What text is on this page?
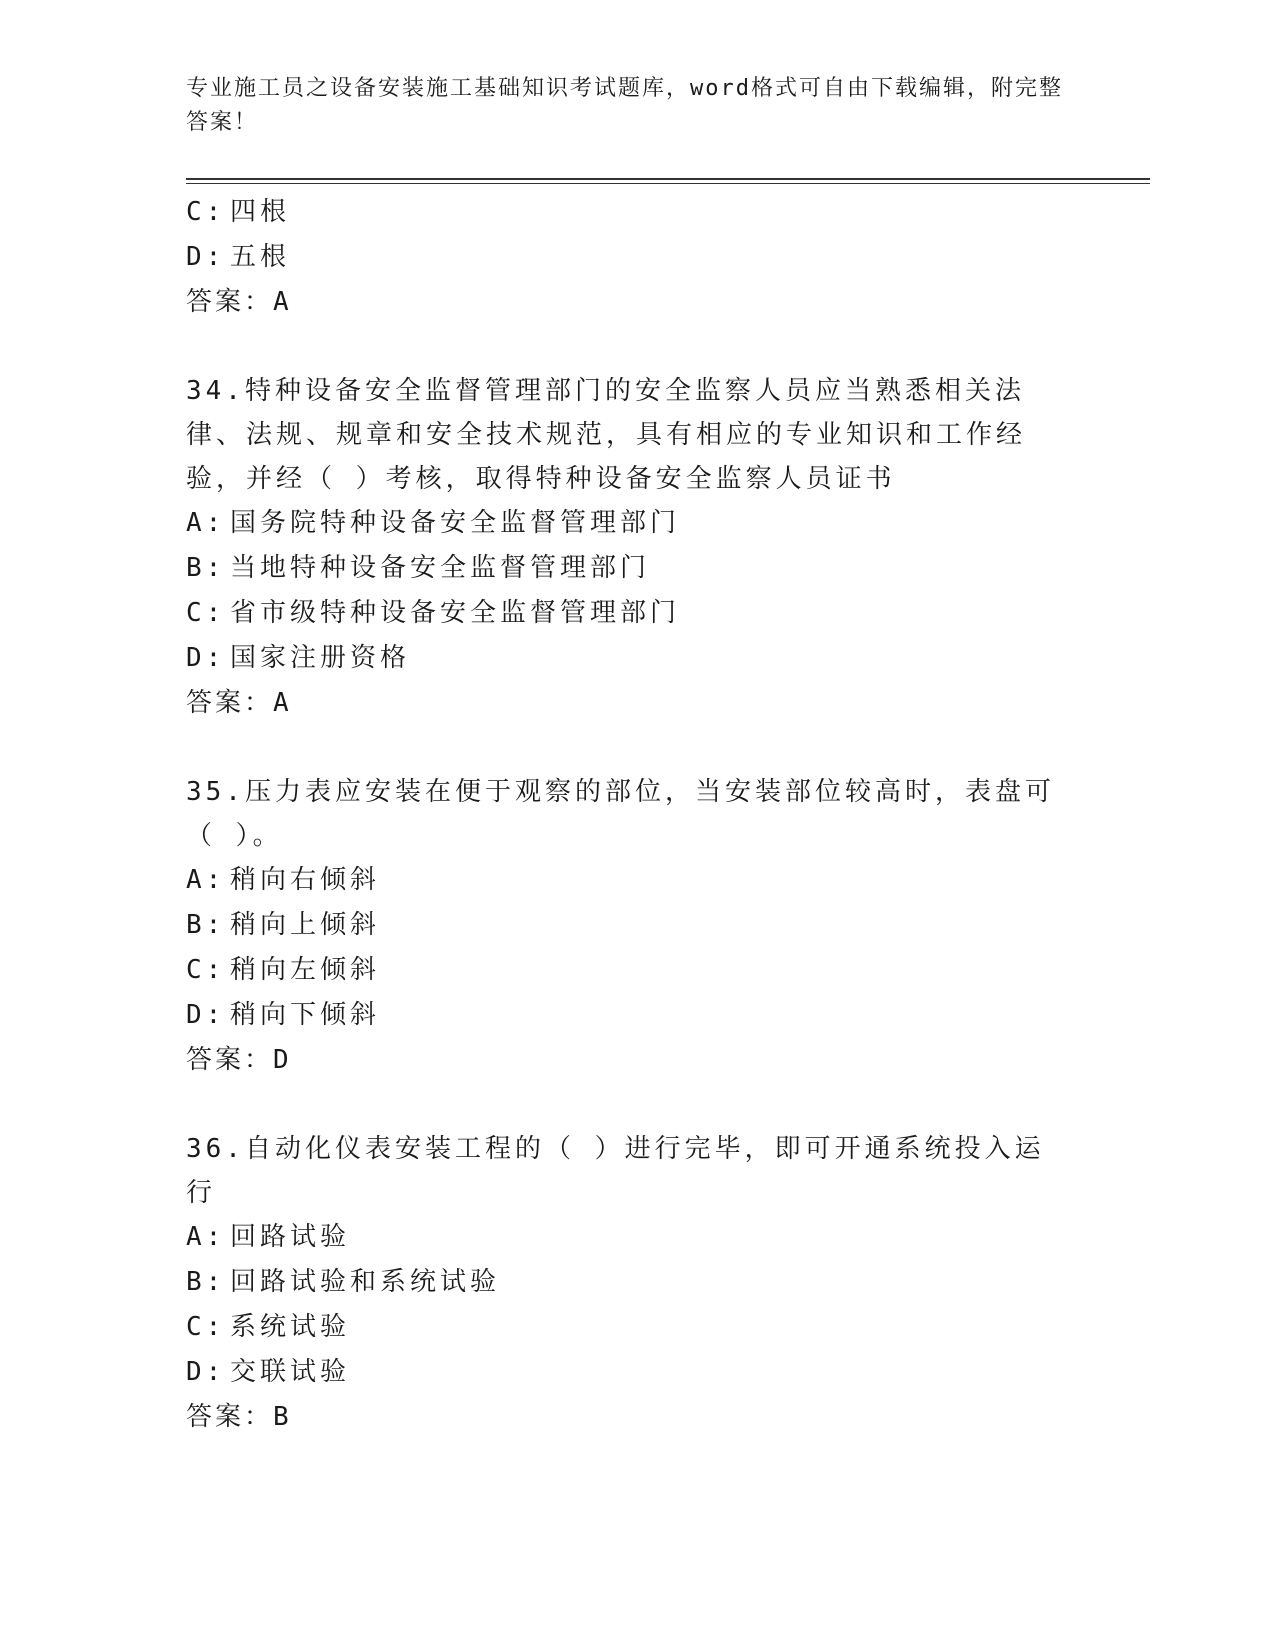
专业施工员之设备安装施工基础知识考试题库，word格式可自由下载编辑，附完整答案！
C: 四根
D: 五根
答案：A
34.特种设备安全监督管理部门的安全监察人员应当熟悉相关法律、法规、规章和安全技术规范，具有相应的专业知识和工作经验，并经（ ）考核，取得特种设备安全监察人员证书
A: 国务院特种设备安全监督管理部门
B: 当地特种设备安全监督管理部门
C: 省市级特种设备安全监督管理部门
D: 国家注册资格
答案：A
35.压力表应安装在便于观察的部位，当安装部位较高时，表盘可（ ）。
A: 稍向右倾斜
B: 稍向上倾斜
C: 稍向左倾斜
D: 稍向下倾斜
答案：D
36.自动化仪表安装工程的（ ）进行完毕，即可开通系统投入运行
A: 回路试验
B: 回路试验和系统试验
C: 系统试验
D: 交联试验
答案：B
